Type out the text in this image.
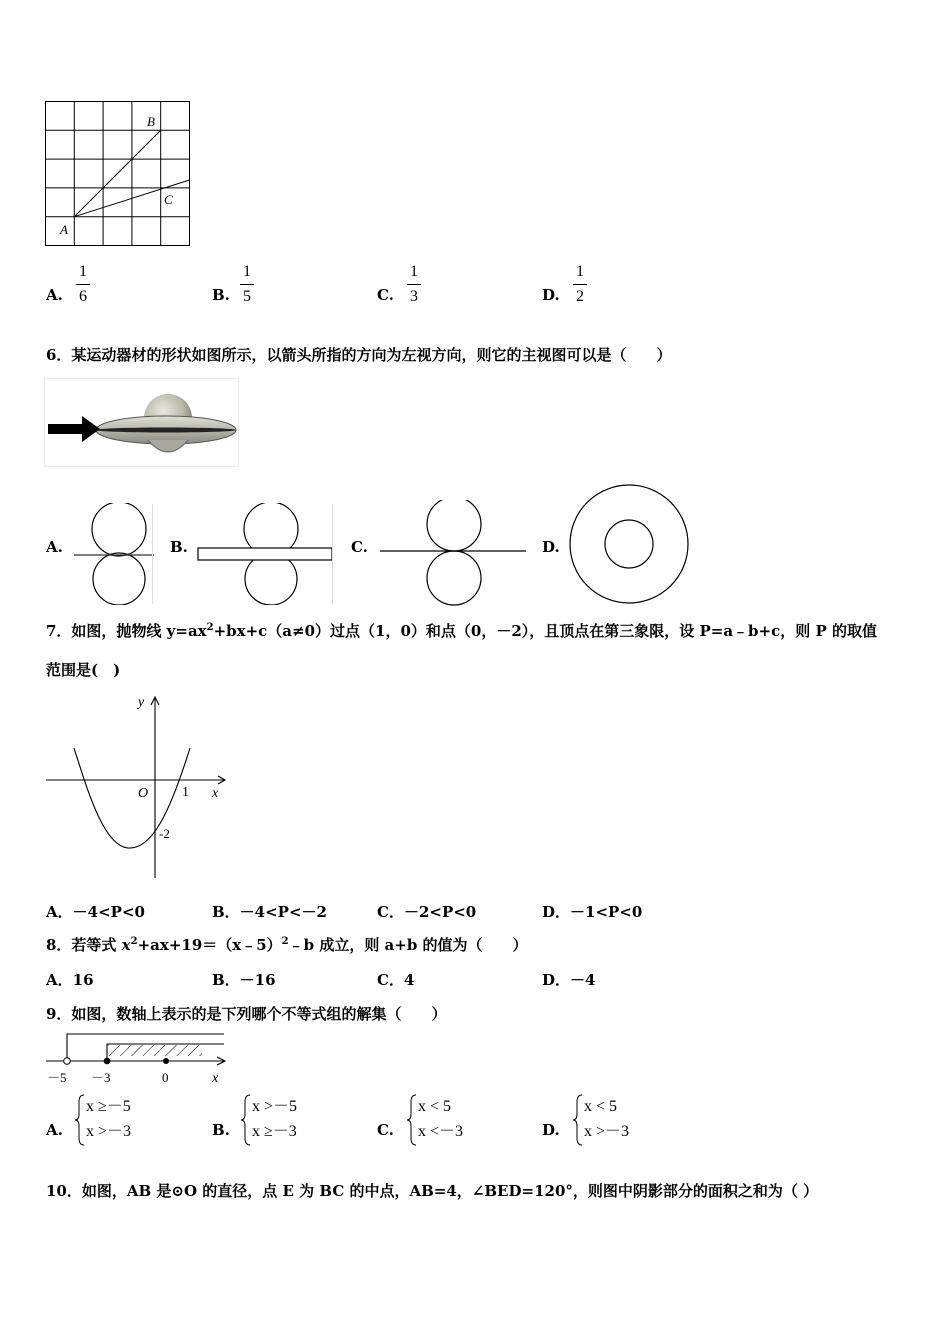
B
C
A
A.
1
6	B.
1
5	C.
1
3	D.
1
2
6．某运动器材的形状如图所示，以箭头所指的方向为左视方向，则它的主视图可以是（　　）
A.	B.	C.	D.
7．如图，抛物线 $y=ax^2+bx+c(a\ne 0)$过点（1，0）和点（0，－2），且顶点在第三象限，设 P=a﹣b+c，则 P 的取值
范围是(　)
y
x
O 1
-2
A．－4<P<0	B．－4<P<－2	C．－2<P<0	D．－1<P<0
8．若等式 $x^2+ax+19=(x﹣5)^2﹣b$ 成立，则 a+b 的值为（　　）
A．16	B．－16	C．4	D．－4
9．如图，数轴上表示的是下列哪个不等式组的解集（　　）
－5 －3	0	x
A.
x ≥－5
x >－3	B.
x >－5
x ≥－3	C.
x < 5
x <－3	D.
x < 5
x >－3
10．如图，AB 是⊙O 的直径，点 E 为 BC 的中点，AB=4，∠BED=120°，则图中阴影部分的面积之和为（ ）
